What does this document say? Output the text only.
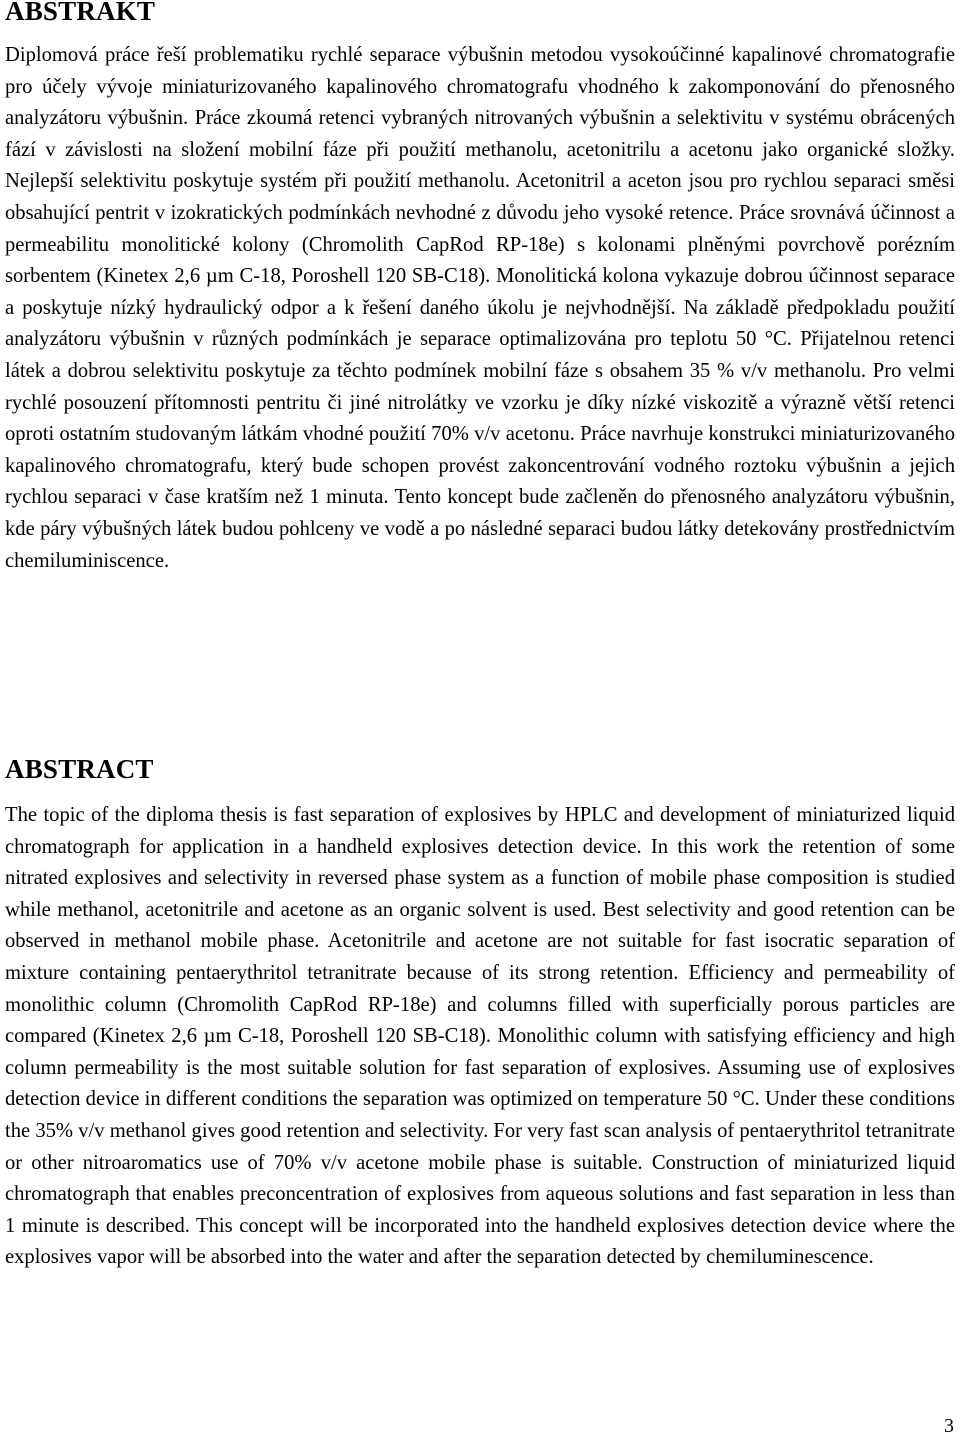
ABSTRAKT

Diplomová práce řeší problematiku rychlé separace výbušnin metodou vysokoúčinné kapalinové chromatografie pro účely vývoje miniaturizovaného kapalinového chromatografu vhodného k zakomponování do přenosného analyzátoru výbušnin. Práce zkoumá retenci vybraných nitrovaných výbušnin a selektivitu v systému obrácených fází v závislosti na složení mobilní fáze při použití methanolu, acetonitrilu a acetonu jako organické složky. Nejlepší selektivitu poskytuje systém při použití methanolu. Acetonitril a aceton jsou pro rychlou separaci směsi obsahující pentrit v izokratických podmínkách nevhodné z důvodu jeho vysoké retence. Práce srovnává účinnost a permeabilitu monolitické kolony (Chromolith CapRod RP-18e) s kolonami plněnými povrchově porézním sorbentem (Kinetex 2,6 µm C-18, Poroshell 120 SB-C18). Monolitická kolona vykazuje dobrou účinnost separace a poskytuje nízký hydraulický odpor a k řešení daného úkolu je nejvhodnější. Na základě předpokladu použití analyzátoru výbušnin v různých podmínkách je separace optimalizována pro teplotu 50 °C. Přijatelnou retenci látek a dobrou selektivitu poskytuje za těchto podmínek mobilní fáze s obsahem 35 % v/v methanolu. Pro velmi rychlé posouzení přítomnosti pentritu či jiné nitrolátky ve vzorku je díky nízké viskozitě a výrazně větší retenci oproti ostatním studovaným látkám vhodné použití 70% v/v acetonu. Práce navrhuje konstrukci miniaturizovaného kapalinového chromatografu, který bude schopen provést zakoncentrování vodného roztoku výbušnin a jejich rychlou separaci v čase kratším než 1 minuta. Tento koncept bude začleněn do přenosného analyzátoru výbušnin, kde páry výbušných látek budou pohlceny ve vodě a po následné separaci budou látky detekovány prostřednictvím chemiluminiscence.

ABSTRACT

The topic of the diploma thesis is fast separation of explosives by HPLC and development of miniaturized liquid chromatograph for application in a handheld explosives detection device. In this work the retention of some nitrated explosives and selectivity in reversed phase system as a function of mobile phase composition is studied while methanol, acetonitrile and acetone as an organic solvent is used. Best selectivity and good retention can be observed in methanol mobile phase. Acetonitrile and acetone are not suitable for fast isocratic separation of mixture containing pentaerythritol tetranitrate because of its strong retention. Efficiency and permeability of monolithic column (Chromolith CapRod RP-18e) and columns filled with superficially porous particles are compared (Kinetex 2,6 µm C-18, Poroshell 120 SB-C18). Monolithic column with satisfying efficiency and high column permeability is the most suitable solution for fast separation of explosives. Assuming use of explosives detection device in different conditions the separation was optimized on temperature 50 °C. Under these conditions the 35% v/v methanol gives good retention and selectivity. For very fast scan analysis of pentaerythritol tetranitrate or other nitroaromatics use of 70% v/v acetone mobile phase is suitable. Construction of miniaturized liquid chromatograph that enables preconcentration of explosives from aqueous solutions and fast separation in less than 1 minute is described. This concept will be incorporated into the handheld explosives detection device where the explosives vapor will be absorbed into the water and after the separation detected by chemiluminescence.

3
